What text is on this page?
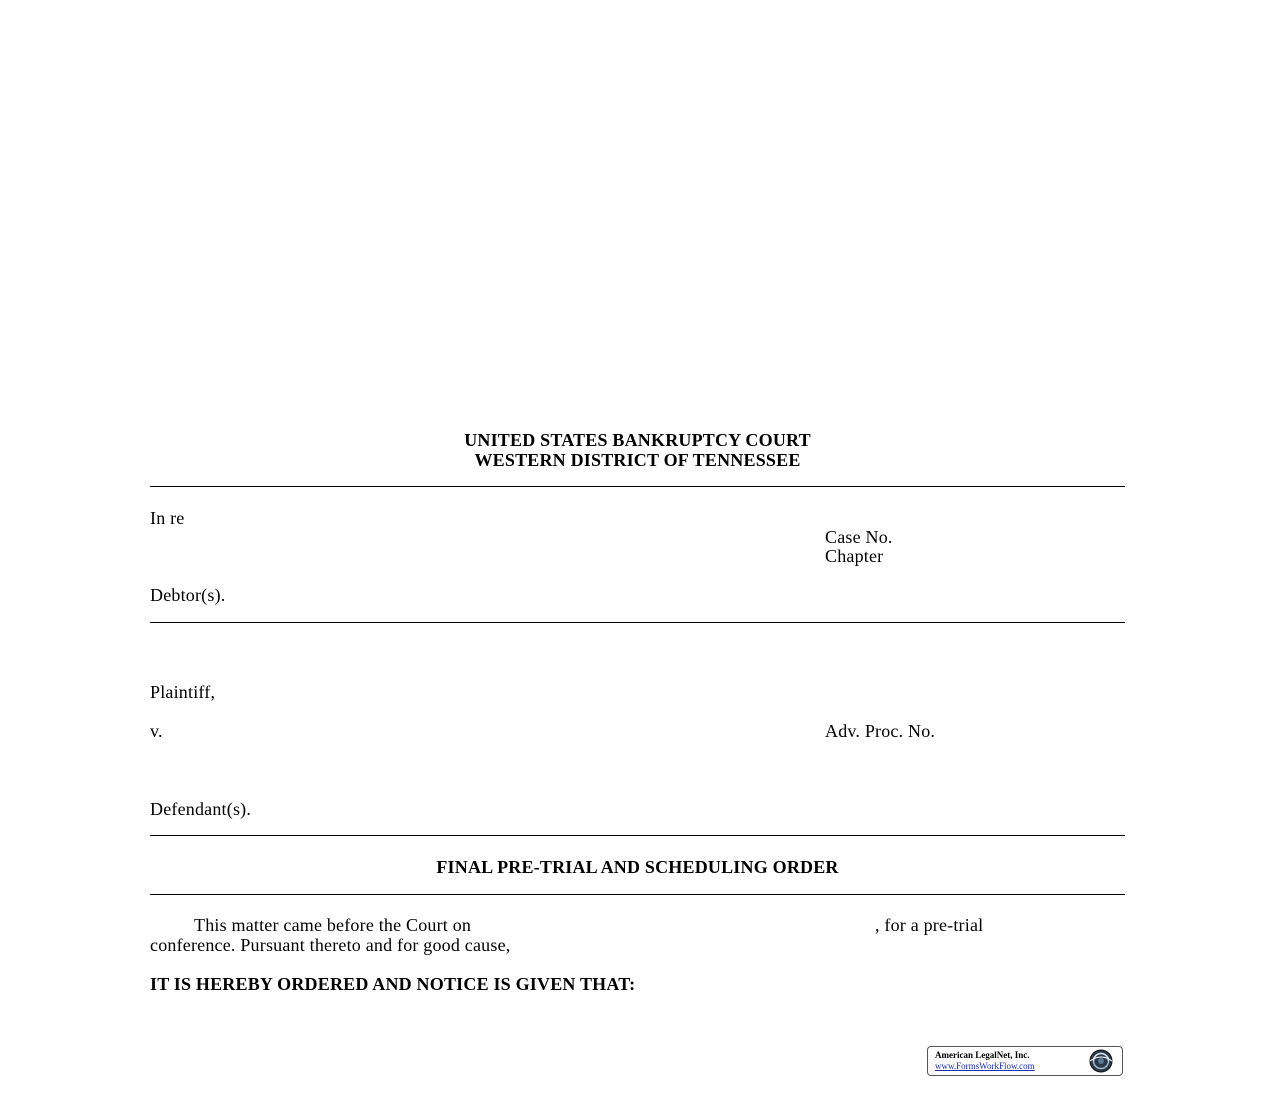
UNITED STATES BANKRUPTCY COURT
WESTERN DISTRICT OF TENNESSEE
In re
Case No.
Chapter
Debtor(s).
Plaintiff,
v.	Adv. Proc. No.
Defendant(s).
FINAL PRE-TRIAL AND SCHEDULING ORDER
This matter came before the Court on	, for a pre-trial
conference. Pursuant thereto and for good cause,
IT IS HEREBY ORDERED AND NOTICE IS GIVEN THAT:
American LegalNet, Inc.
www.FormsWorkFlow.com
